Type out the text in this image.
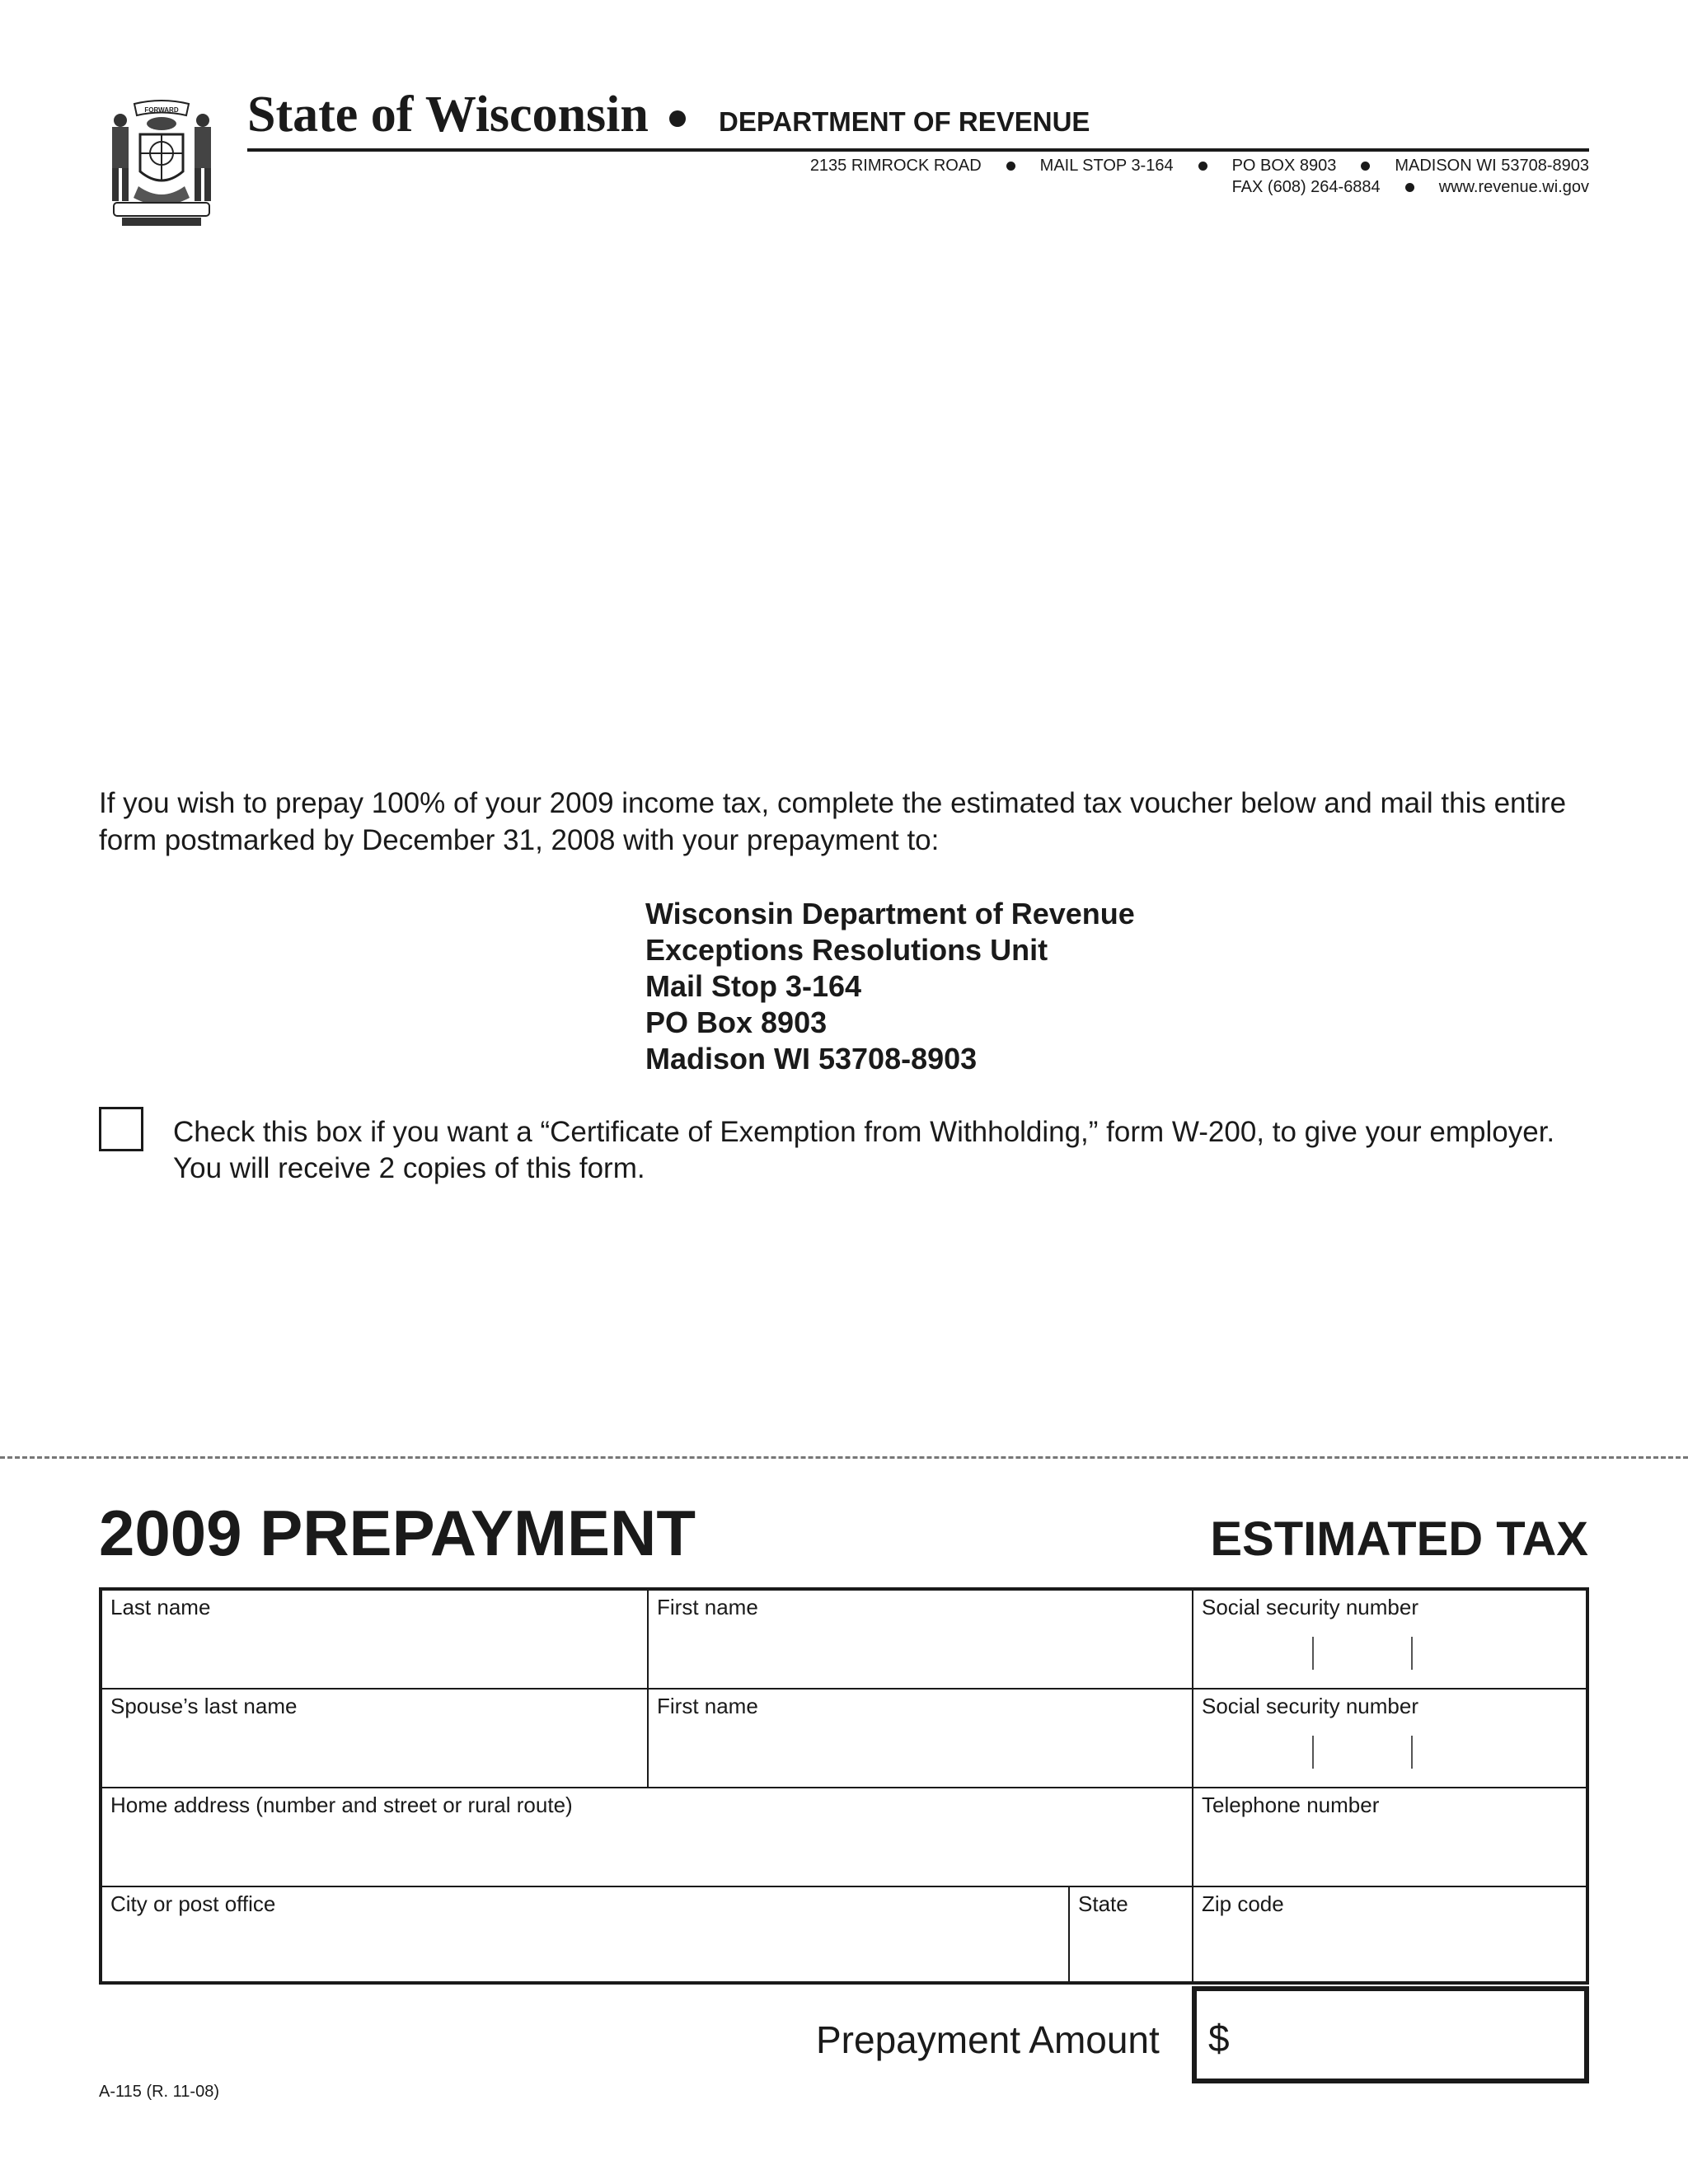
FORWARD State of Wisconsin	DEPARTMENT OF REVENUE
2135 RIMROCK ROAD	MAIL STOP 3-164	PO BOX 8903	MADISON WI 53708-8903
FAX (608) 264-6884	www.revenue.wi.gov
If you wish to prepay 100% of your 2009 income tax, complete the estimated tax voucher below and mail this entire form postmarked by December 31, 2008 with your prepayment to:
Wisconsin Department of Revenue
Exceptions Resolutions Unit
Mail Stop 3-164
PO Box 8903
Madison WI 53708-8903
Check this box if you want a “Certificate of Exemption from Withholding,” form W-200, to give your employer. You will receive 2 copies of this form.
2009 PREPAYMENT	ESTIMATED TAX
Last name	First name	Social security number
Spouse’s last name	First name	Social security number
Home address (number and street or rural route)	Telephone number
City or post office	State	Zip code
Prepayment Amount $
A-115 (R. 11-08)
